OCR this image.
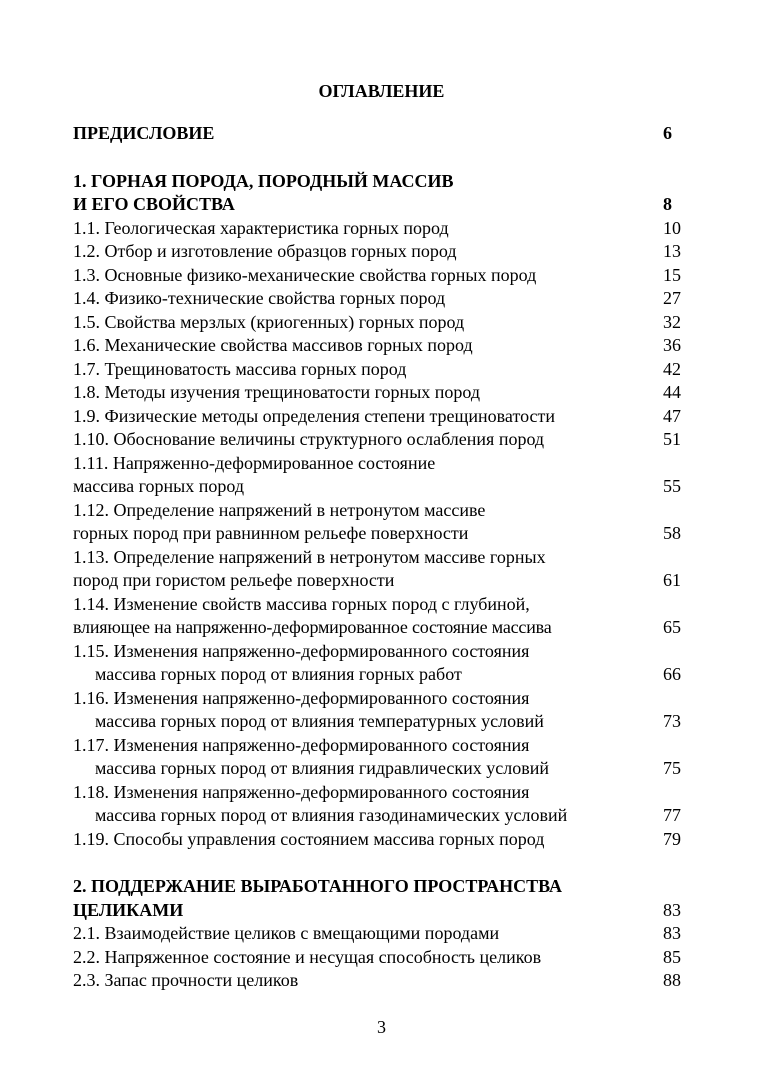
ОГЛАВЛЕНИЕ
ПРЕДИСЛОВИЕ	6
1. ГОРНАЯ ПОРОДА, ПОРОДНЫЙ МАССИВ
И ЕГО СВОЙСТВА	8
1.1. Геологическая характеристика горных пород	10
1.2. Отбор и изготовление образцов горных пород	13
1.3. Основные физико-механические свойства горных пород	15
1.4. Физико-технические свойства горных пород	27
1.5. Свойства мерзлых (криогенных) горных пород	32
1.6. Механические свойства массивов горных пород	36
1.7. Трещиноватость массива горных пород	42
1.8. Методы изучения трещиноватости горных пород	44
1.9. Физические методы определения степени трещиноватости	47
1.10. Обоснование величины структурного ослабления пород	51
1.11. Напряженно-деформированное состояние
массива горных пород	55
1.12. Определение напряжений в нетронутом массиве
горных пород при равнинном рельефе поверхности	58
1.13. Определение напряжений в нетронутом массиве горных
пород при гористом рельефе поверхности	61
1.14. Изменение свойств массива горных пород с глубиной,
влияющее на напряженно-деформированное состояние массива	65
1.15. Изменения напряженно-деформированного состояния
массива горных пород от влияния горных работ	66
1.16. Изменения напряженно-деформированного состояния
массива горных пород от влияния температурных условий	73
1.17. Изменения напряженно-деформированного состояния
массива горных пород от влияния гидравлических условий	75
1.18. Изменения напряженно-деформированного состояния
массива горных пород от влияния газодинамических условий	77
1.19. Способы управления состоянием массива горных пород	79
2. ПОДДЕРЖАНИЕ ВЫРАБОТАННОГО ПРОСТРАНСТВА
ЦЕЛИКАМИ	83
2.1. Взаимодействие целиков с вмещающими породами	83
2.2. Напряженное состояние и несущая способность целиков	85
2.3. Запас прочности целиков	88
3
